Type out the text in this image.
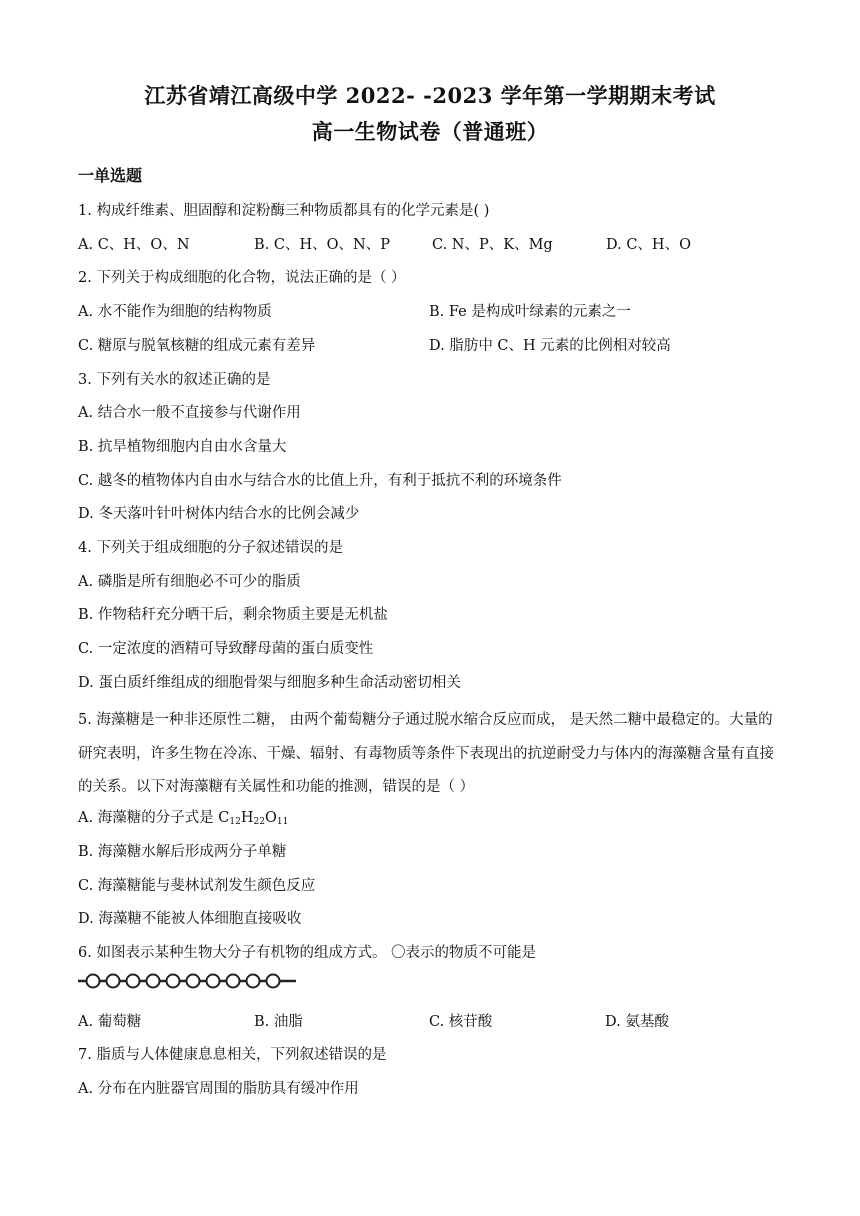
江苏省靖江高级中学 2022- -2023 学年第一学期期末考试
高一生物试卷（普通班）
一单选题
1. 构成纤维素、胆固醇和淀粉酶三种物质都具有的化学元素是( )
A. C、H、O、N	B. C、H、O、N、P	C. N、P、K、Mg	D. C、H、O
2. 下列关于构成细胞的化合物，说法正确的是（ ）
A. 水不能作为细胞的结构物质	B. Fe 是构成叶绿素的元素之一
C. 糖原与脱氧核糖的组成元素有差异	D. 脂肪中 C、H 元素的比例相对较高
3. 下列有关水的叙述正确的是
A. 结合水一般不直接参与代谢作用
B. 抗旱植物细胞内自由水含量大
C. 越冬的植物体内自由水与结合水的比值上升，有利于抵抗不利的环境条件
D. 冬天落叶针叶树体内结合水的比例会减少
4. 下列关于组成细胞的分子叙述错误的是
A. 磷脂是所有细胞必不可少的脂质
B. 作物秸秆充分晒干后，剩余物质主要是无机盐
C. 一定浓度的酒精可导致酵母菌的蛋白质变性
D. 蛋白质纤维组成的细胞骨架与细胞多种生命活动密切相关
5. 海藻糖是一种非还原性二糖， 由两个葡萄糖分子通过脱水缩合反应而成， 是天然二糖中最稳定的。大量的研究表明，许多生物在冷冻、干燥、辐射、有毒物质等条件下表现出的抗逆耐受力与体内的海藻糖含量有直接的关系。以下对海藻糖有关属性和功能的推测，错误的是（ ）
A. 海藻糖的分子式是 $C_{12}H_{22}O_{11}$
B. 海藻糖水解后形成两分子单糖
C. 海藻糖能与斐林试剂发生颜色反应
D. 海藻糖不能被人体细胞直接吸收
6. 如图表示某种生物大分子有机物的组成方式。 〇表示的物质不可能是
A. 葡萄糖	B. 油脂	C. 核苷酸	D. 氨基酸
7. 脂质与人体健康息息相关，下列叙述错误的是
A. 分布在内脏器官周围的脂肪具有缓冲作用
